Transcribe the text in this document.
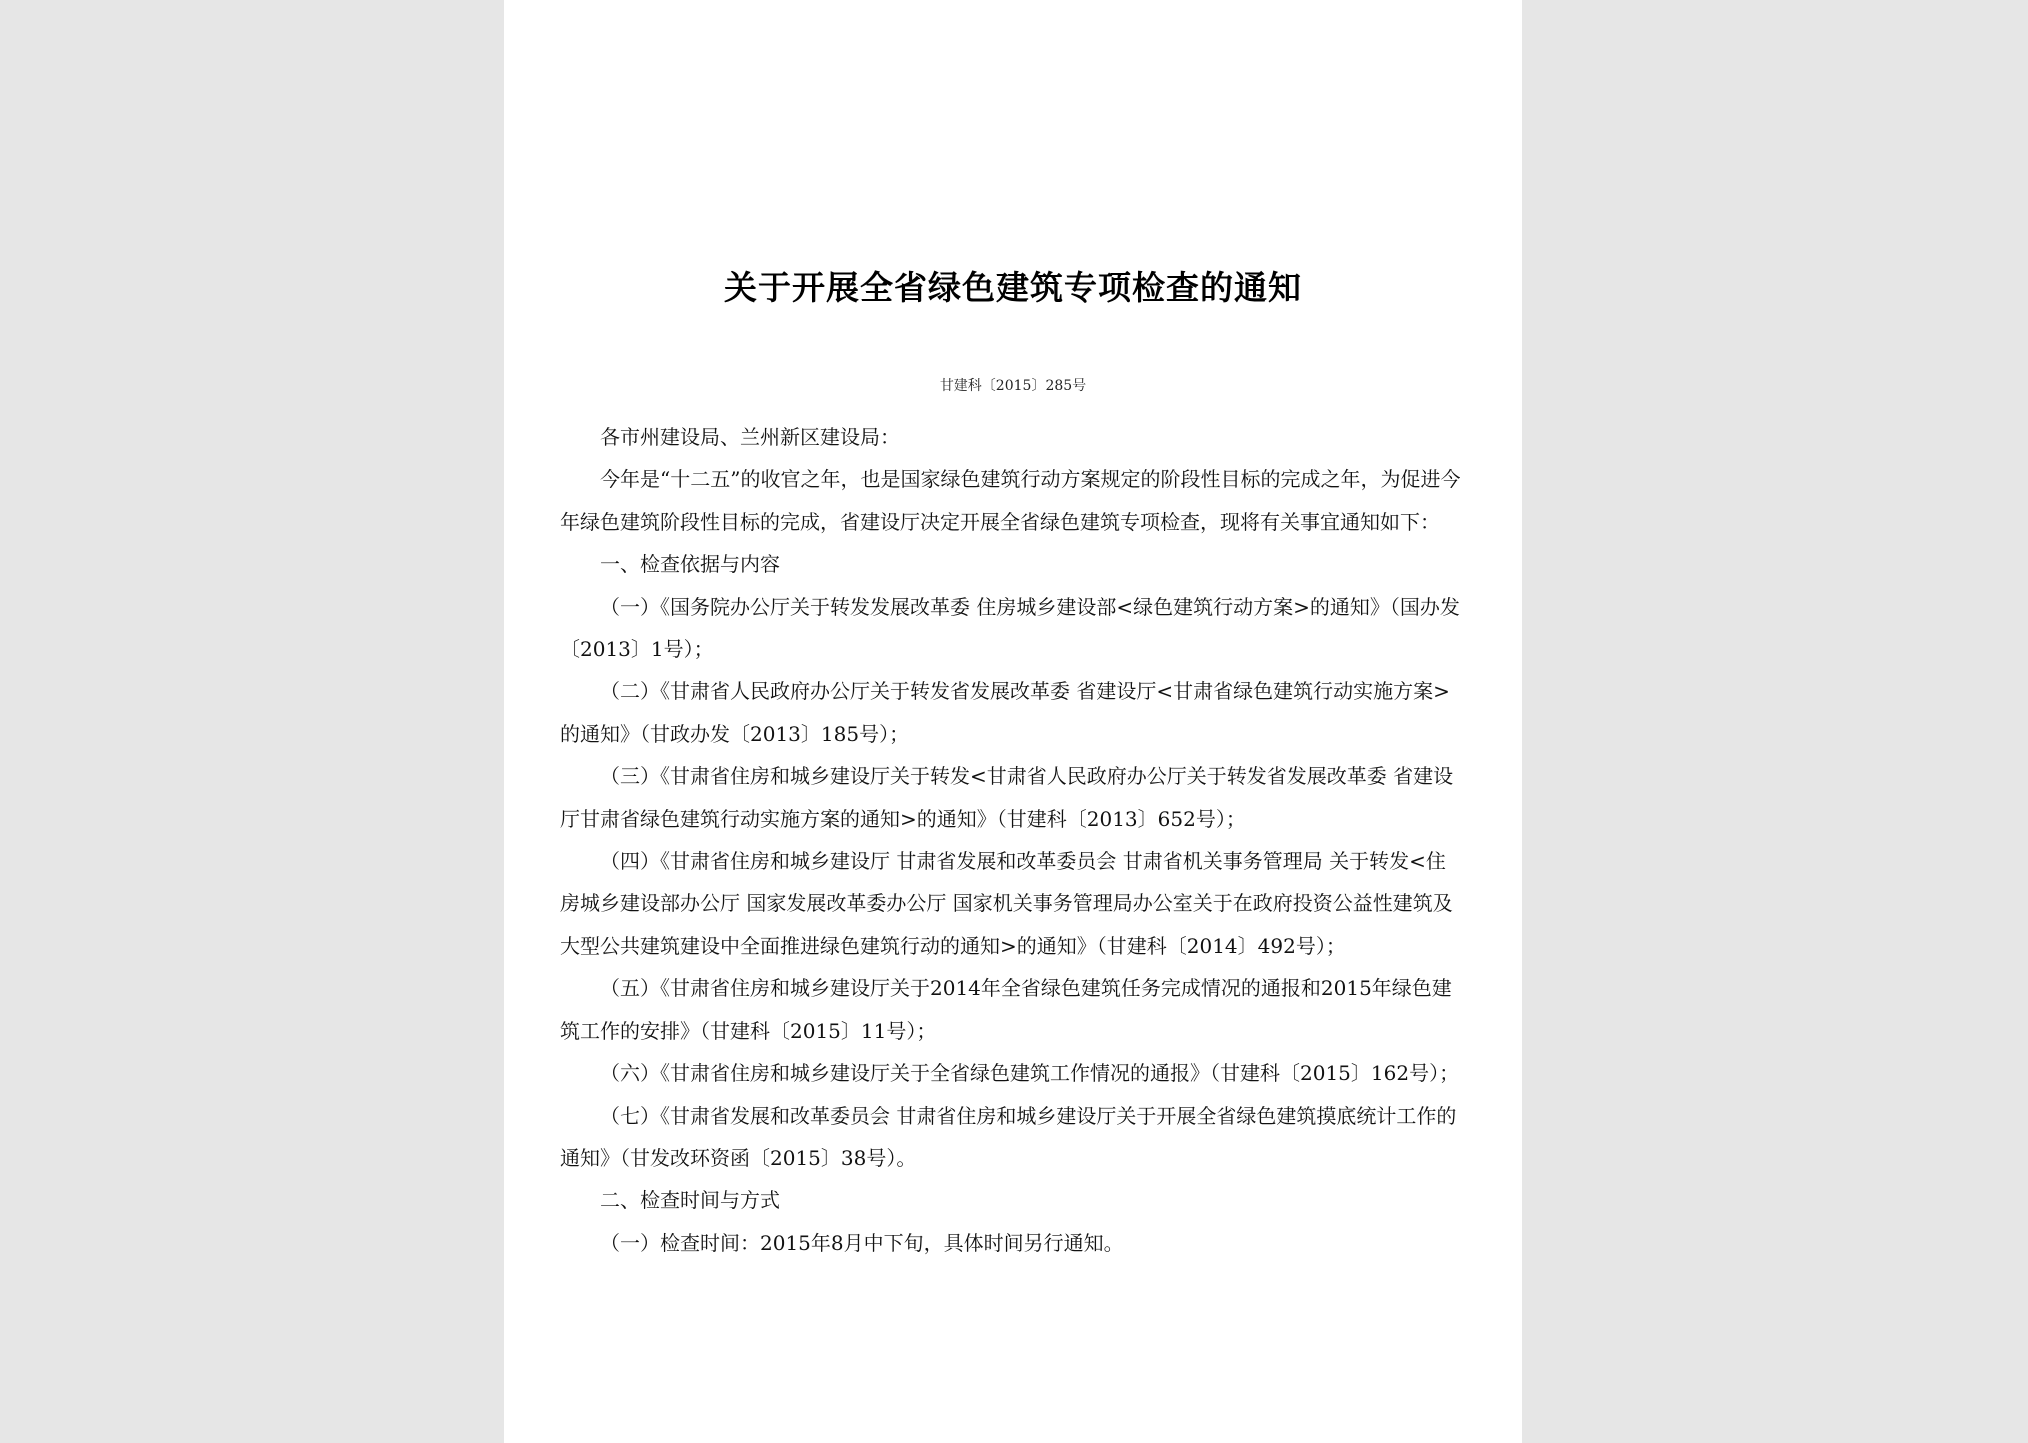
关于开展全省绿色建筑专项检查的通知
甘建科〔2015〕285号

各市州建设局、兰州新区建设局：

今年是“十二五”的收官之年，也是国家绿色建筑行动方案规定的阶段性目标的完成之年，为促进今年绿色建筑阶段性目标的完成，省建设厅决定开展全省绿色建筑专项检查，现将有关事宜通知如下：

一、检查依据与内容

（一）《国务院办公厅关于转发发展改革委 住房城乡建设部<绿色建筑行动方案>的通知》（国办发〔2013〕1号）；

（二）《甘肃省人民政府办公厅关于转发省发展改革委 省建设厅<甘肃省绿色建筑行动实施方案>的通知》（甘政办发〔2013〕185号）；

（三）《甘肃省住房和城乡建设厅关于转发<甘肃省人民政府办公厅关于转发省发展改革委 省建设厅甘肃省绿色建筑行动实施方案的通知>的通知》（甘建科〔2013〕652号）；

（四）《甘肃省住房和城乡建设厅 甘肃省发展和改革委员会 甘肃省机关事务管理局 关于转发<住房城乡建设部办公厅 国家发展改革委办公厅 国家机关事务管理局办公室关于在政府投资公益性建筑及大型公共建筑建设中全面推进绿色建筑行动的通知>的通知》（甘建科〔2014〕492号）；

（五）《甘肃省住房和城乡建设厅关于2014年全省绿色建筑任务完成情况的通报和2015年绿色建筑工作的安排》（甘建科〔2015〕11号）；

（六）《甘肃省住房和城乡建设厅关于全省绿色建筑工作情况的通报》（甘建科〔2015〕162号）；

（七）《甘肃省发展和改革委员会 甘肃省住房和城乡建设厅关于开展全省绿色建筑摸底统计工作的通知》（甘发改环资函〔2015〕38号）。

二、检查时间与方式

（一）检查时间：2015年8月中下旬，具体时间另行通知。
